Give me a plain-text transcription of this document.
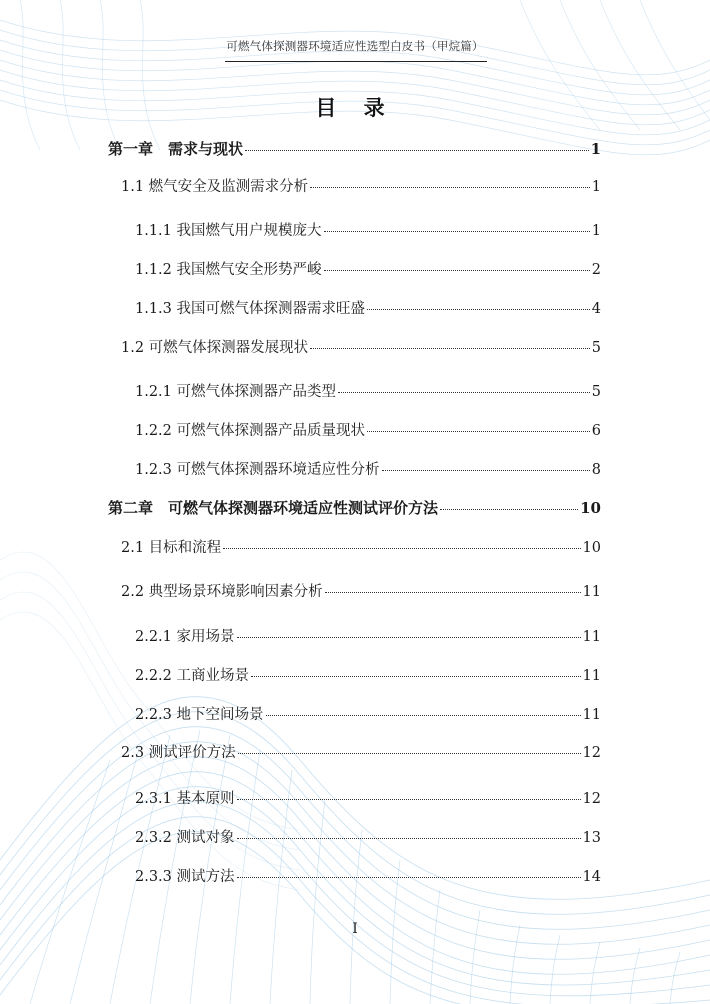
可燃气体探测器环境适应性选型白皮书（甲烷篇）
目 录
第一章　需求与现状	1
1.1 燃气安全及监测需求分析	1
1.1.1 我国燃气用户规模庞大	1
1.1.2 我国燃气安全形势严峻	2
1.1.3 我国可燃气体探测器需求旺盛	4
1.2 可燃气体探测器发展现状	5
1.2.1 可燃气体探测器产品类型	5
1.2.2 可燃气体探测器产品质量现状	6
1.2.3 可燃气体探测器环境适应性分析	8
第二章　可燃气体探测器环境适应性测试评价方法	10
2.1 目标和流程	10
2.2 典型场景环境影响因素分析	11
2.2.1 家用场景	11
2.2.2 工商业场景	11
2.2.3 地下空间场景	11
2.3 测试评价方法	12
2.3.1 基本原则	12
2.3.2 测试对象	13
2.3.3 测试方法	14
I
